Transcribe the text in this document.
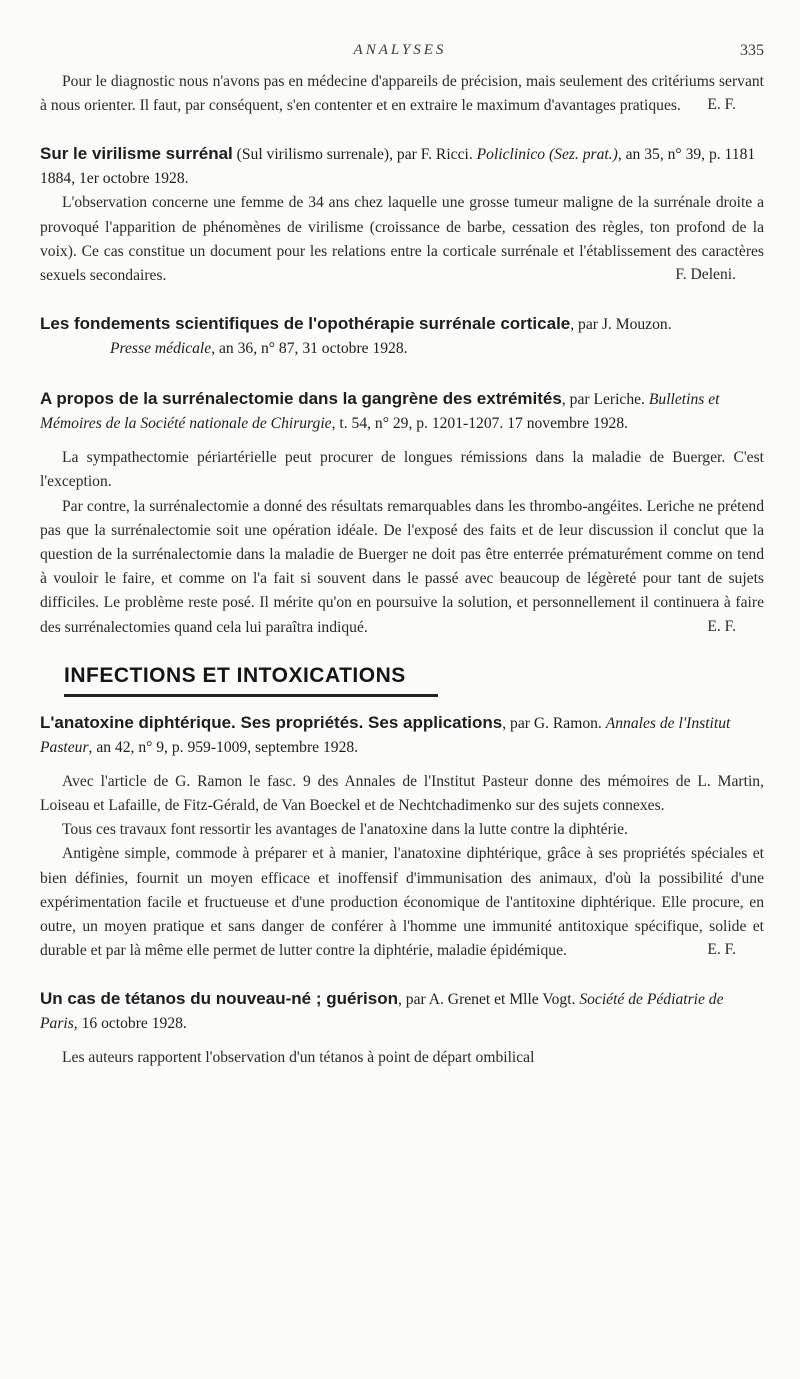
ANALYSES	335

Pour le diagnostic nous n'avons pas en médecine d'appareils de précision, mais seulement des critériums servant à nous orienter. Il faut, par conséquent, s'en contenter et en extraire le maximum d'avantages pratiques.	E. F.
Sur le virilisme surrénal (Sul virilismo surrenale), par F. Ricci. Policlinico (Sez. prat.), an 35, n° 39, p. 1181 1884, 1er octobre 1928.

L'observation concerne une femme de 34 ans chez laquelle une grosse tumeur maligne de la surrénale droite a provoqué l'apparition de phénomènes de virilisme (croissance de barbe, cessation des règles, ton profond de la voix). Ce cas constitue un document pour les relations entre la corticale surrénale et l'établissement des caractères sexuels secondaires.	F. Deleni.
Les fondements scientifiques de l'opothérapie surrénale corticale, par J. Mouzon.
Presse médicale, an 36, n° 87, 31 octobre 1928.
A propos de la surrénalectomie dans la gangrène des extrémités, par Leriche. Bulletins et Mémoires de la Société nationale de Chirurgie, t. 54, n° 29, p. 1201-1207. 17 novembre 1928.

La sympathectomie périartérielle peut procurer de longues rémissions dans la maladie de Buerger. C'est l'exception.

Par contre, la surrénalectomie a donné des résultats remarquables dans les thrombo-angéites. Leriche ne prétend pas que la surrénalectomie soit une opération idéale. De l'exposé des faits et de leur discussion il conclut que la question de la surrénalectomie dans la maladie de Buerger ne doit pas être enterrée prématurément comme on tend à vouloir le faire, et comme on l'a fait si souvent dans le passé avec beaucoup de légèreté pour tant de sujets difficiles. Le problème reste posé. Il mérite qu'on en poursuive la solution, et personnellement il continuera à faire des surrénalectomies quand cela lui paraîtra indiqué.	E. F.
INFECTIONS ET INTOXICATIONS
L'anatoxine diphtérique. Ses propriétés. Ses applications, par G. Ramon. Annales de l'Institut Pasteur, an 42, n° 9, p. 959-1009, septembre 1928.

Avec l'article de G. Ramon le fasc. 9 des Annales de l'Institut Pasteur donne des mémoires de L. Martin, Loiseau et Lafaille, de Fitz-Gérald, de Van Boeckel et de Nechtchadimenko sur des sujets connexes.

Tous ces travaux font ressortir les avantages de l'anatoxine dans la lutte contre la diphtérie.

Antigène simple, commode à préparer et à manier, l'anatoxine diphtérique, grâce à ses propriétés spéciales et bien définies, fournit un moyen efficace et inoffensif d'immunisation des animaux, d'où la possibilité d'une expérimentation facile et fructueuse et d'une production économique de l'antitoxine diphtérique. Elle procure, en outre, un moyen pratique et sans danger de conférer à l'homme une immunité antitoxique spécifique, solide et durable et par là même elle permet de lutter contre la diphtérie, maladie épidémique.	E. F.
Un cas de tétanos du nouveau-né ; guérison, par A. Grenet et Mlle Vogt. Société de Pédiatrie de Paris, 16 octobre 1928.

Les auteurs rapportent l'observation d'un tétanos à point de départ ombilical
